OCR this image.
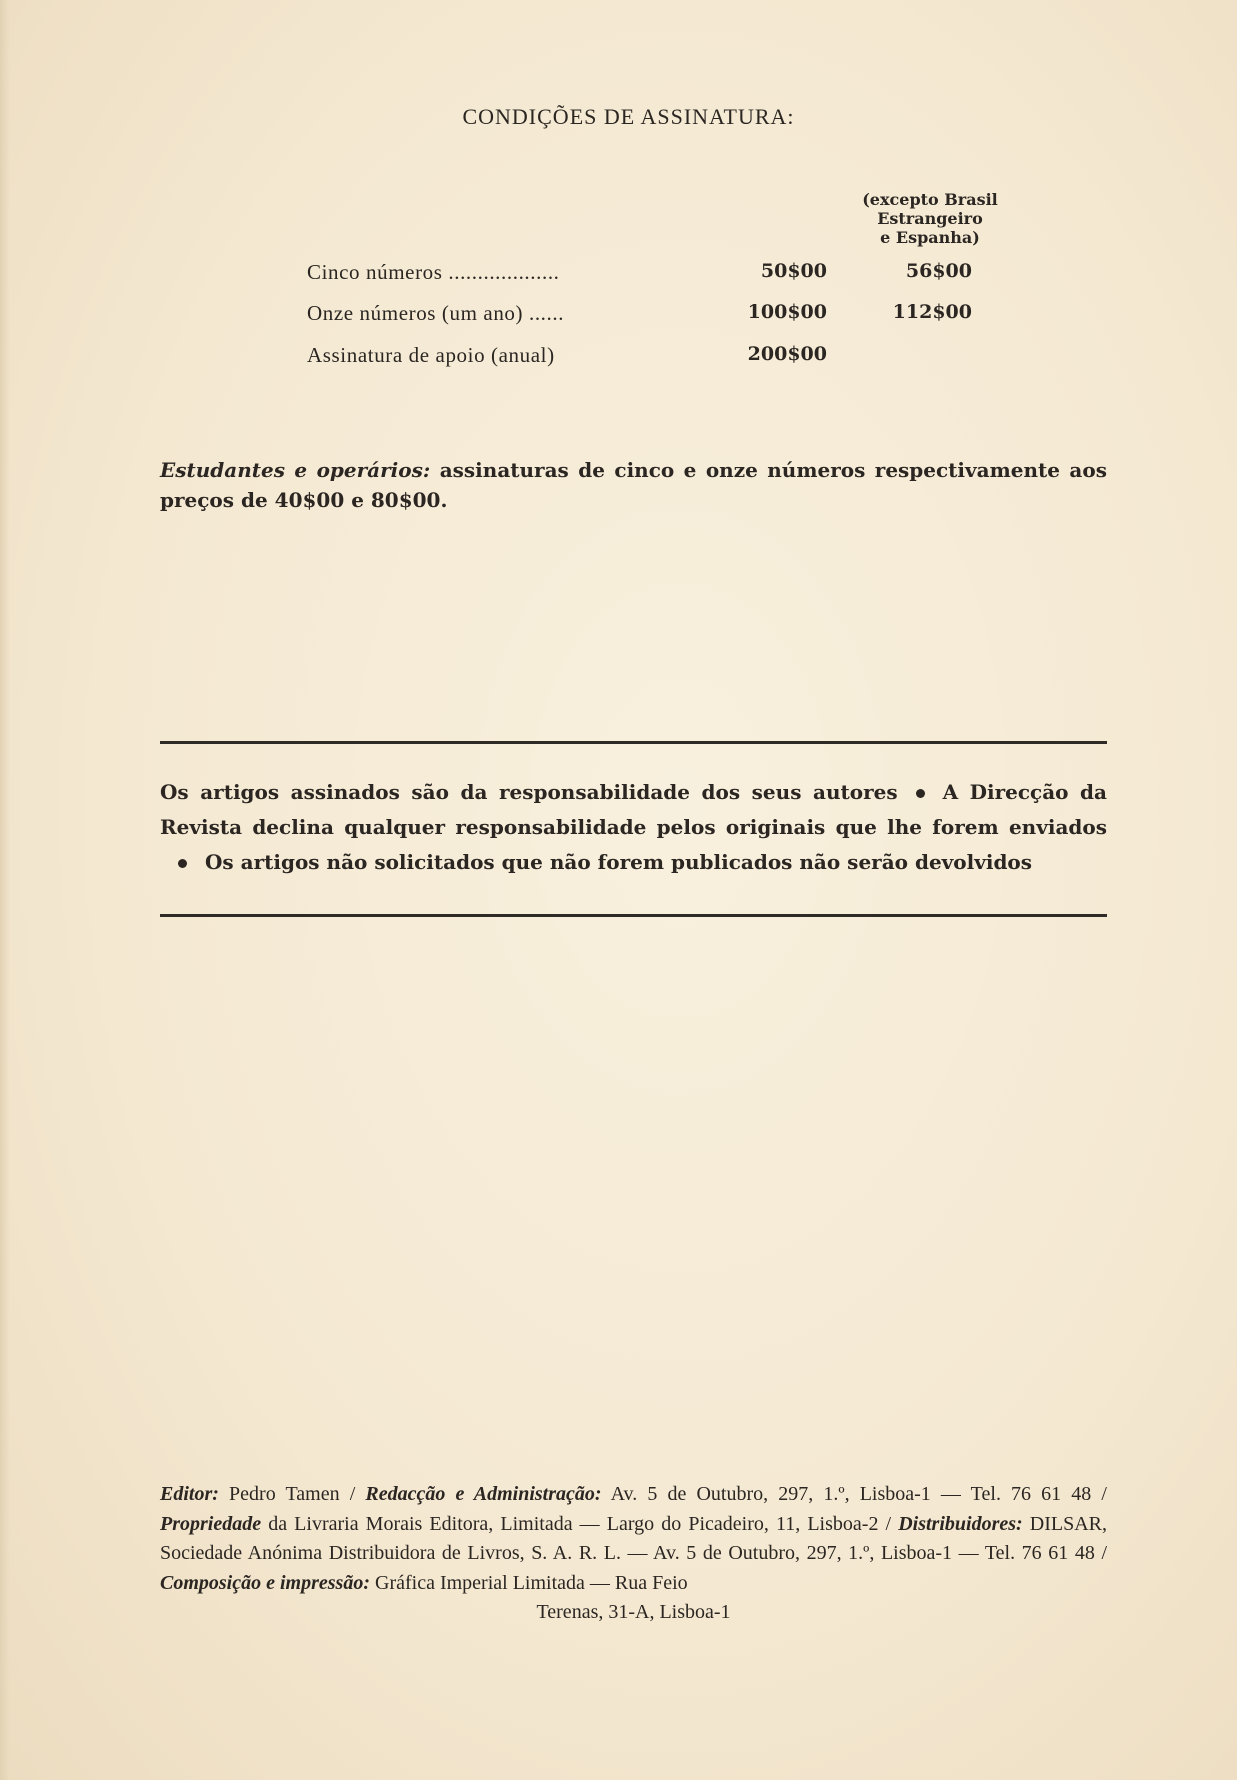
CONDIÇÕES DE ASSINATURA:
(excepto Brasil
Estrangeiro
e Espanha)
Cinco números ...................	50$00	56$00
Onze números (um ano) ......	100$00	112$00
Assinatura de apoio (anual)	200$00
Estudantes e operários: assinaturas de cinco e onze números respectivamente aos preços de 40$00 e 80$00.
Os artigos assinados são da responsabilidade dos seus autores A Direcção da Revista declina qualquer responsabilidade pelos originais que lhe forem enviadosOs artigos não solicitados que não forem publicados não serão devolvidos
Editor: Pedro Tamen / Redacção e Administração: Av. 5 de Outubro, 297, 1.º, Lisboa-1 — Tel. 76 61 48 / Propriedade da Livraria Morais Editora, Limitada — Largo do Picadeiro, 11, Lisboa-2 / Distribuidores: DILSAR, Sociedade Anónima Distribuidora de Livros, S. A. R. L. — Av. 5 de Outubro, 297, 1.º, Lisboa-1 — Tel. 76 61 48 / Composição e impressão: Gráfica Imperial Limitada — Rua Feio
Terenas, 31-A, Lisboa-1
